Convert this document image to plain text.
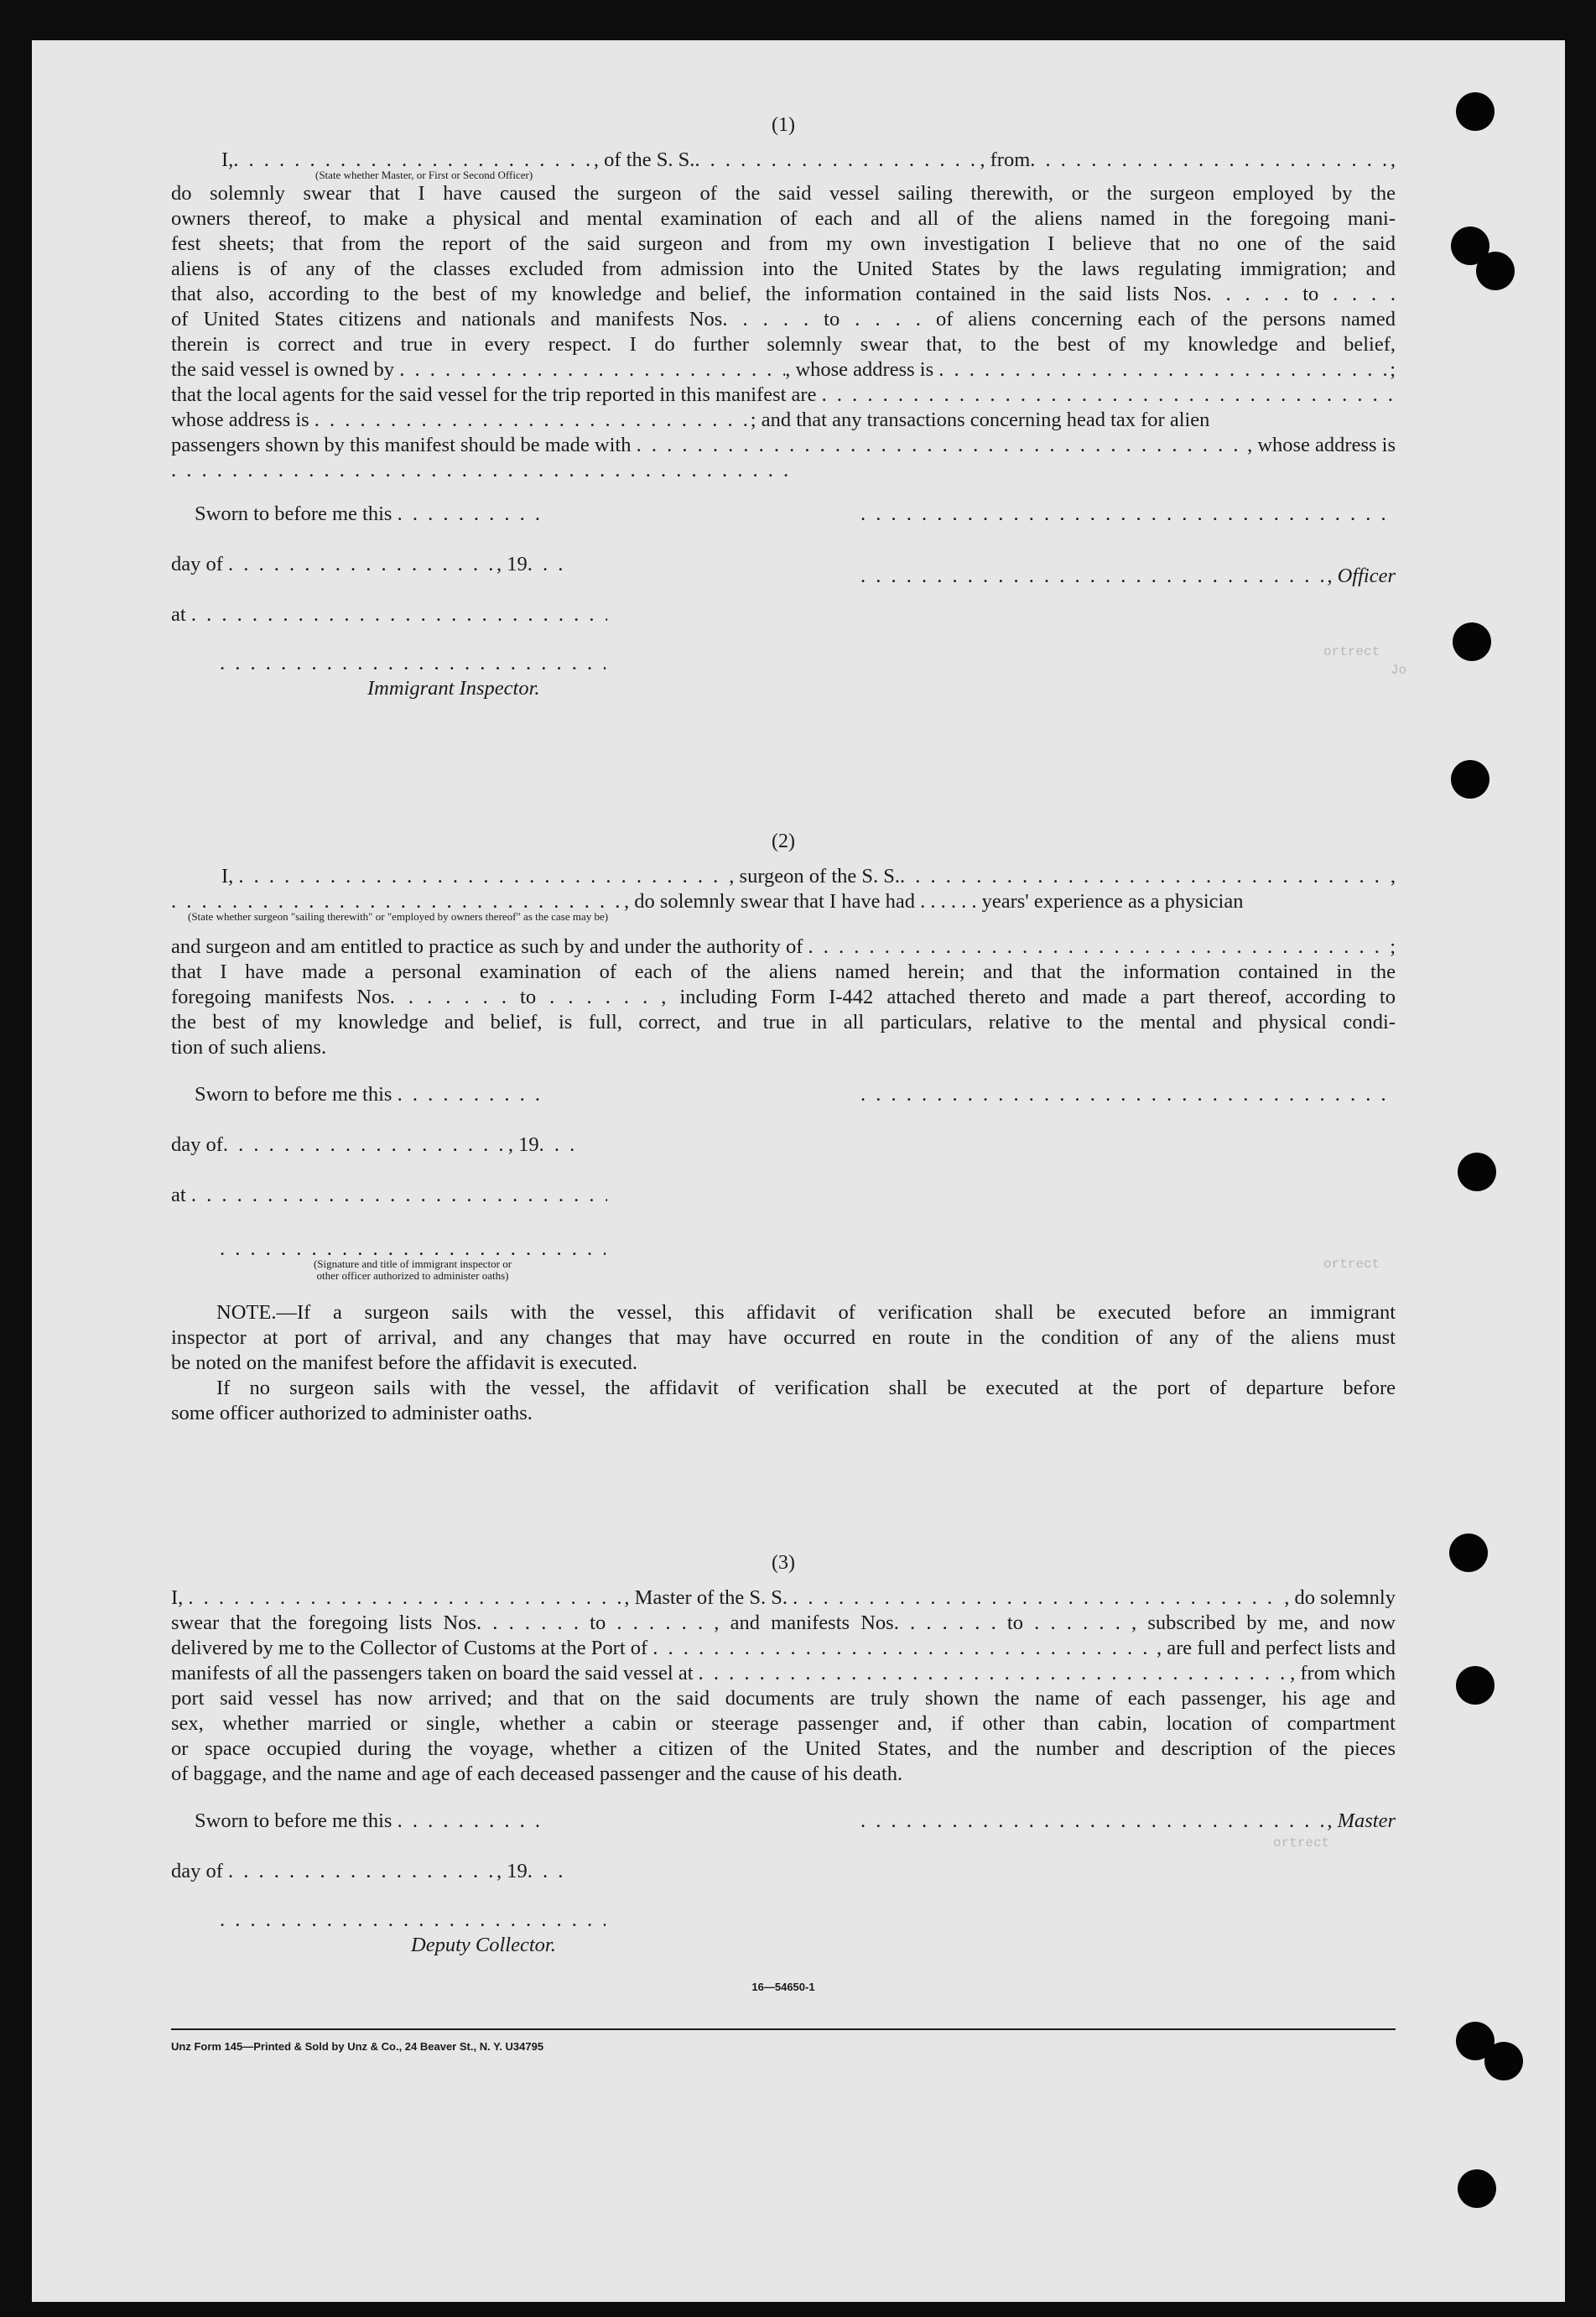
Jo
ortrect
ortrect
ortrect
(1)
I, . . .	, of the S. S. . . .	, from . . .	,
(State whether Master, or First or Second Officer)
do solemnly swear that I have caused the surgeon of the said vessel sailing therewith, or the surgeon employed by the
owners thereof, to make a physical and mental examination of each and all of the aliens named in the foregoing mani-
fest sheets; that from the report of the said surgeon and from my own investigation I believe that no one of the said
aliens is of any of the classes excluded from admission into the United States by the laws regulating immigration; and
that also, according to the best of my knowledge and belief, the information contained in the said lists Nos. . . . . to . . . .
of United States citizens and nationals and manifests Nos. . . . . to . . . . of aliens concerning each of the persons named
therein is correct and true in every respect. I do further solemnly swear that, to the best of my knowledge and belief,
the said vessel is owned by
. . .	, whose address is
. . .	;
that the local agents for the said vessel for the trip reported in this manifest are

. . .
whose address is
. . .	; and that any transactions concerning head tax for alien
passengers shown by this manifest should be made with
. . .	, whose address is
. . .
Sworn to before me this

. . .
. . .
day of
. . .	, 19
. . .
. . .
, Officer
at

. . .
. . .
Immigrant Inspector.
(2)
I,
. . .	, surgeon of the S. S. . . .	,
. . .
, do solemnly swear that I have had . . . . . . years' experience as a physician
(State whether surgeon "sailing therewith" or "employed by owners thereof" as the case may be)
and surgeon and am entitled to practice as such by and under the authority of
. . .	;
that I have made a personal examination of each of the aliens named herein; and that the information contained in the
foregoing manifests Nos. . . . . . . to . . . . . . , including Form I-442 attached thereto and made a part thereof, according to
the best of my knowledge and belief, is full, correct, and true in all particulars, relative to the mental and physical condi-
tion of such aliens.
Sworn to before me this

. . .
. . .
day of . . .	, 19
. . .
at

. . .
. . .
(Signature and title of immigrant inspector or
other officer authorized to administer oaths)
NOTE.—If a surgeon sails with the vessel, this affidavit of verification shall be executed before an immigrant
inspector at port of arrival, and any changes that may have occurred en route in the condition of any of the aliens must
be noted on the manifest before the affidavit is executed.
If no surgeon sails with the vessel, the affidavit of verification shall be executed at the port of departure before
some officer authorized to administer oaths.
(3)
I,
. . .	, Master of the S. S.
. . .	, do solemnly
swear that the foregoing lists Nos. . . . . . . to . . . . . . , and manifests Nos. . . . . . . to . . . . . . , subscribed by me, and now
delivered by me to the Collector of Customs at the Port of
. . .	, are full and perfect lists and
manifests of all the passengers taken on board the said vessel at
. . .	, from which
port said vessel has now arrived; and that on the said documents are truly shown the name of each passenger, his age and
sex, whether married or single, whether a cabin or steerage passenger and, if other than cabin, location of compartment
or space occupied during the voyage, whether a citizen of the United States, and the number and description of the pieces
of baggage, and the name and age of each deceased passenger and the cause of his death.
Sworn to before me this
. . . . . .	, Master
day of
. . .	, 19
. . .
. . .
Deputy Collector.
16—54650-1
Unz Form 145—Printed & Sold by Unz & Co., 24 Beaver St., N. Y. U34795
